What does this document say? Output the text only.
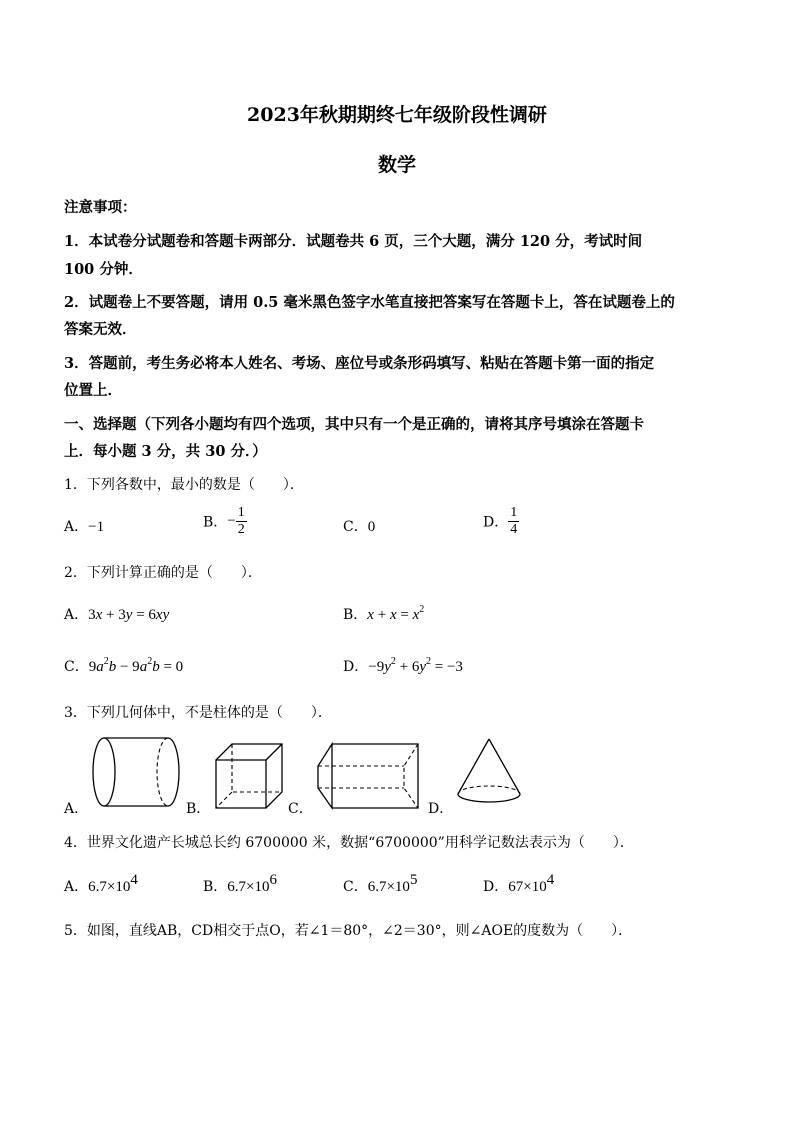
2023年秋期期终七年级阶段性调研
数学
注意事项：
1．本试卷分试题卷和答题卡两部分．试题卷共 6 页，三个大题，满分 120 分，考试时间
100 分钟．
2．试题卷上不要答题，请用 0.5 毫米黑色签字水笔直接把答案写在答题卡上，答在试题卷上的
答案无效．
3．答题前，考生务必将本人姓名、考场、座位号或条形码填写、粘贴在答题卡第一面的指定
位置上．
一、选择题（下列各小题均有四个选项，其中只有一个是正确的，请将其序号填涂在答题卡
上．每小题 3 分，共 30 分．）
1．下列各数中，最小的数是（　　）．
A．−1	B．− $\frac{1}{2}$	C．0	D． $\frac{1}{4}$
2．下列计算正确的是（　　）．
A．3x + 3y = 6xy	B．$x + x = x^2$
C．$9a^2b - 9a^2b = 0$	D．$-9y^2 + 6y^2 = -3$
3．下列几何体中，不是柱体的是（　　）．
A．	B．	C．	D．
4．世界文化遗产长城总长约 6700000 米，数据“6700000”用科学记数法表示为（　　）．
A．$6.7\times 10^4$	B．$6.7\times 10^6$	C．$6.7\times 10^5$	D．$67\times 10^4$
5．如图，直线AB，CD相交于点O，若∠1＝80°，∠2＝30°，则∠AOE的度数为（　　）．
